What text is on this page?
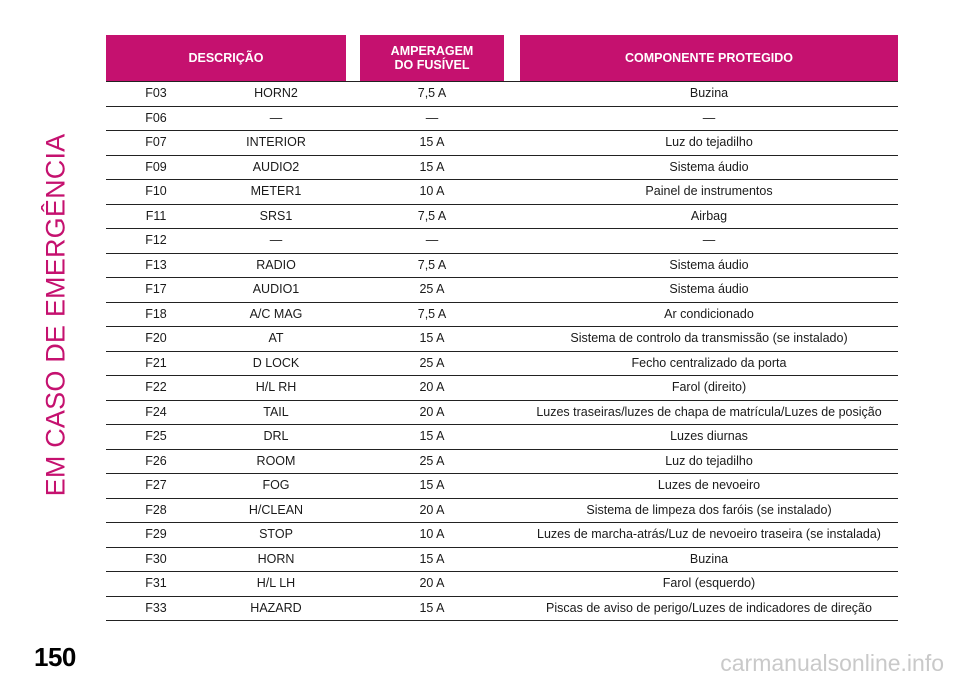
EM CASO DE EMERGÊNCIA
DESCRIÇÃO	AMPERAGEM DO FUSÍVEL	COMPONENTE PROTEGIDO
F03	HORN2	7,5 A	Buzina
F06	—	—	—
F07	INTERIOR	15 A	Luz do tejadilho
F09	AUDIO2	15 A	Sistema áudio
F10	METER1	10 A	Painel de instrumentos
F11	SRS1	7,5 A	Airbag
F12	—	—	—
F13	RADIO	7,5 A	Sistema áudio
F17	AUDIO1	25 A	Sistema áudio
F18	A/C MAG	7,5 A	Ar condicionado
F20	AT	15 A	Sistema de controlo da transmissão (se instalado)
F21	D LOCK	25 A	Fecho centralizado da porta
F22	H/L RH	20 A	Farol (direito)
F24	TAIL	20 A	Luzes traseiras/luzes de chapa de matrícula/Luzes de posição
F25	DRL	15 A	Luzes diurnas
F26	ROOM	25 A	Luz do tejadilho
F27	FOG	15 A	Luzes de nevoeiro
F28	H/CLEAN	20 A	Sistema de limpeza dos faróis (se instalado)
F29	STOP	10 A	Luzes de marcha-atrás/Luz de nevoeiro traseira (se instalada)
F30	HORN	15 A	Buzina
F31	H/L LH	20 A	Farol (esquerdo)
F33	HAZARD	15 A	Piscas de aviso de perigo/Luzes de indicadores de direção
150	carmanualsonline.info
